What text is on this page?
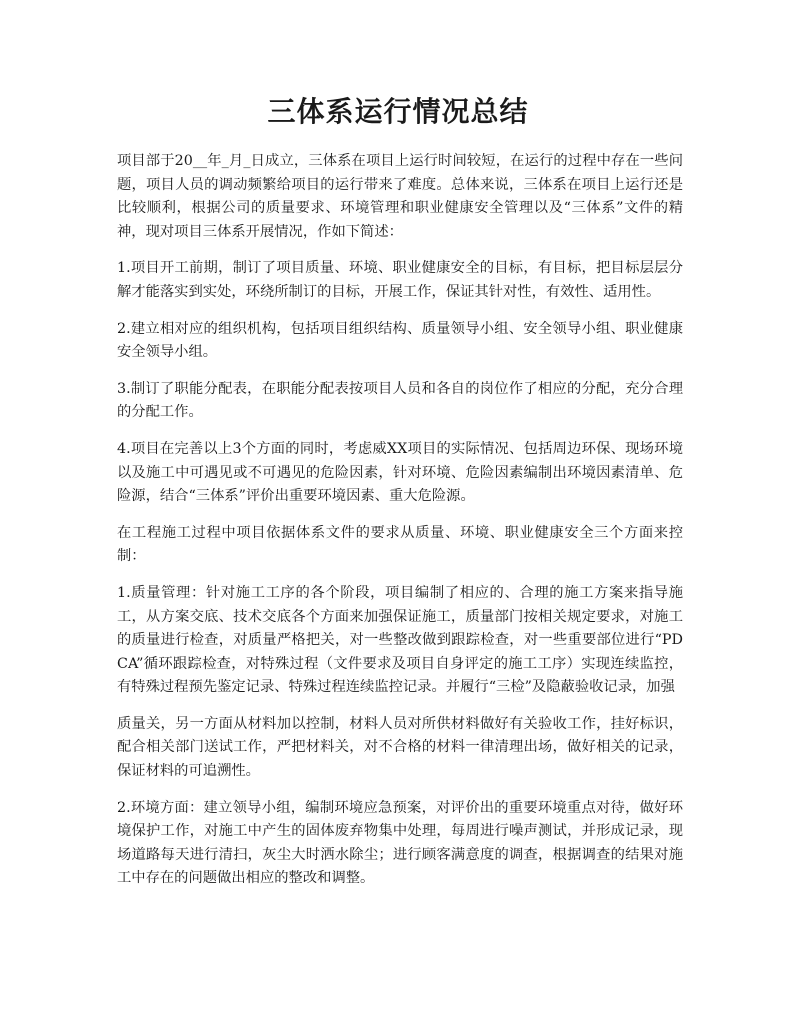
三体系运行情况总结

项目部于20__年_月_日成立，三体系在项目上运行时间较短，在运行的过程中存在一些问题，项目人员的调动频繁给项目的运行带来了难度。总体来说，三体系在项目上运行还是比较顺利，根据公司的质量要求、环境管理和职业健康安全管理以及“三体系”文件的精神，现对项目三体系开展情况，作如下简述：

1.项目开工前期，制订了项目质量、环境、职业健康安全的目标，有目标，把目标层层分解才能落实到实处，环绕所制订的目标，开展工作，保证其针对性，有效性、适用性。

2.建立相对应的组织机构，包括项目组织结构、质量领导小组、安全领导小组、职业健康安全领导小组。

3.制订了职能分配表，在职能分配表按项目人员和各自的岗位作了相应的分配，充分合理的分配工作。

4.项目在完善以上3个方面的同时，考虑威XX项目的实际情况、包括周边环保、现场环境以及施工中可遇见或不可遇见的危险因素，针对环境、危险因素编制出环境因素清单、危险源，结合“三体系”评价出重要环境因素、重大危险源。

在工程施工过程中项目依据体系文件的要求从质量、环境、职业健康安全三个方面来控制：

1.质量管理：针对施工工序的各个阶段，项目编制了相应的、合理的施工方案来指导施工，从方案交底、技术交底各个方面来加强保证施工，质量部门按相关规定要求，对施工的质量进行检查，对质量严格把关，对一些整改做到跟踪检查，对一些重要部位进行“PDCA”循环跟踪检查，对特殊过程（文件要求及项目自身评定的施工工序）实现连续监控，有特殊过程预先鉴定记录、特殊过程连续监控记录。并履行“三检”及隐蔽验收记录，加强

质量关，另一方面从材料加以控制，材料人员对所供材料做好有关验收工作，挂好标识，配合相关部门送试工作，严把材料关，对不合格的材料一律清理出场，做好相关的记录，保证材料的可追溯性。

2.环境方面：建立领导小组，编制环境应急预案，对评价出的重要环境重点对待，做好环境保护工作，对施工中产生的固体废弃物集中处理，每周进行噪声测试，并形成记录，现场道路每天进行清扫，灰尘大时洒水除尘；进行顾客满意度的调查，根据调查的结果对施工中存在的问题做出相应的整改和调整。
